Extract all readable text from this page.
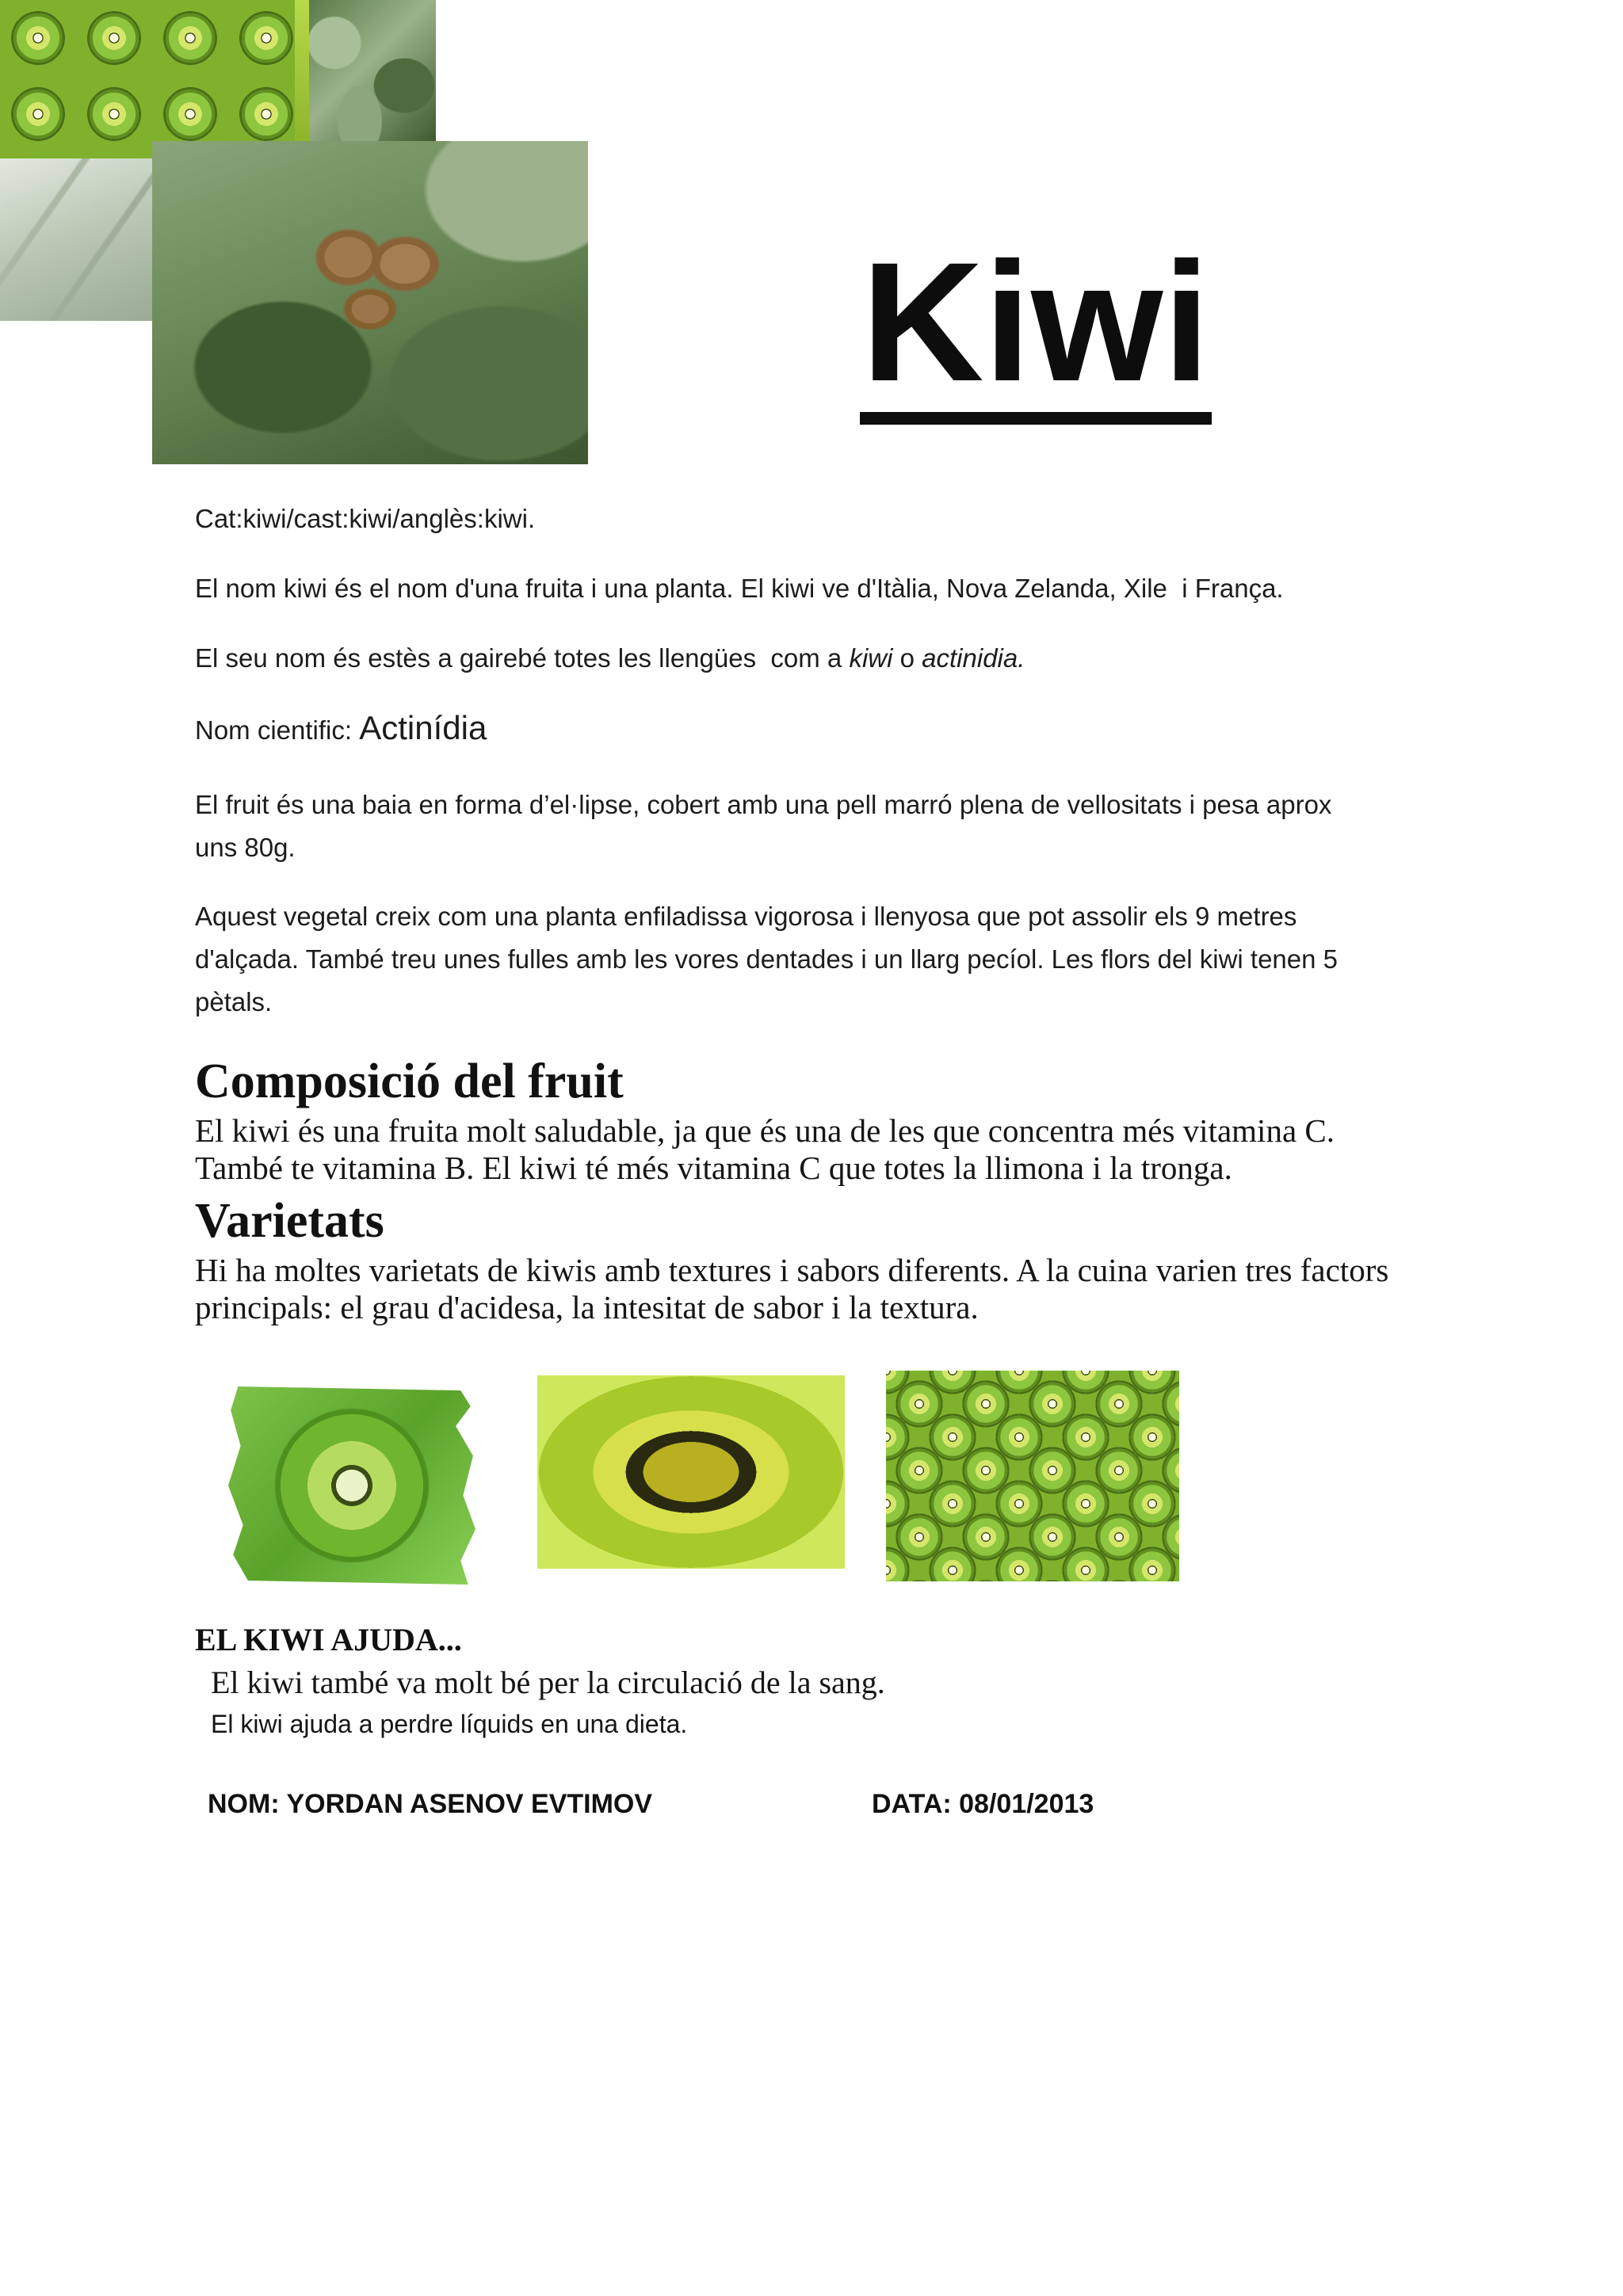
Kiwi
Cat:kiwi/cast:kiwi/anglès:kiwi.
El nom kiwi és el nom d'una fruita i una planta. El kiwi ve d'Itàlia, Nova Zelanda, Xile  i França.
El seu nom és estès a gairebé totes les llengües  com a kiwi o actinidia.
Nom cientific: Actinídia
El fruit és una baia en forma d’el·lipse, cobert amb una pell marró plena de vellositats i pesa aprox
uns 80g.
Aquest vegetal creix com una planta enfiladissa vigorosa i llenyosa que pot assolir els 9 metres
d'alçada. També treu unes fulles amb les vores dentades i un llarg pecíol. Les flors del kiwi tenen 5
pètals.
Composició del fruit
El kiwi és una fruita molt saludable, ja que és una de les que concentra més vitamina C.
També te vitamina B. El kiwi té més vitamina C que totes la llimona i la tronga.
Varietats
Hi ha moltes varietats de kiwis amb textures i sabors diferents. A la cuina varien tres factors
principals: el grau d'acidesa, la intesitat de sabor i la textura.
EL KIWI AJUDA...
El kiwi també va molt bé per la circulació de la sang.
El kiwi ajuda a perdre líquids en una dieta.
NOM: YORDAN ASENOV EVTIMOV	DATA: 08/01/2013
